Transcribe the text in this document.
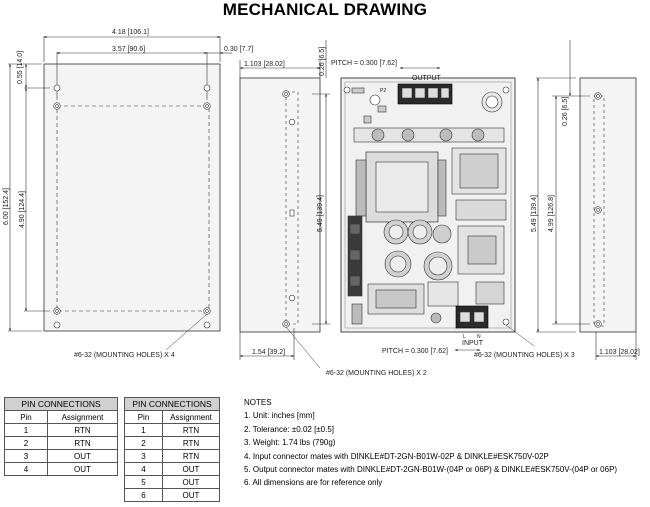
MECHANICAL DRAWING
4.18 [106.1]
3.57 [90.6]	0.30 [7.7]
0.55 [14.0]
6.00 [152.4] 4.90 [124.4]
1.103 [28.02]	0.26 [6.5]
5.49 [139.4]
1.54 [39.2]
PITCH = 0.300 [7.62]
PITCH = 0.300 [7.62]
0.26 [6.5]
5.49 [139.4] 4.99 [126.8]
1.103 [28.02]
OUTPUT
INPUT
P2
L N
#6-32 (MOUNTING HOLES) X 4
#6-32 (MOUNTING HOLES) X 2
#6-32 (MOUNTING HOLES) X 3
PIN CONNECTIONS	
Pin	Assignment
1	RTN
2	RTN
3	OUT
4	OUT
PIN CONNECTIONS	
Pin	Assignment
1	RTN
2	RTN
3	RTN
4	OUT
5	OUT
6	OUT
NOTES
1. Unit: inches [mm]
2. Tolerance: ±0.02 [±0.5]
3. Weight: 1.74 lbs (790g)
4. Input connector mates with DINKLE#DT-2GN-B01W-02P & DINKLE#ESK750V-02P
5. Output connector mates with DINKLE#DT-2GN-B01W-(04P or 06P) & DINKLE#ESK750V-(04P or 06P)
6. All dimensions are for reference only
